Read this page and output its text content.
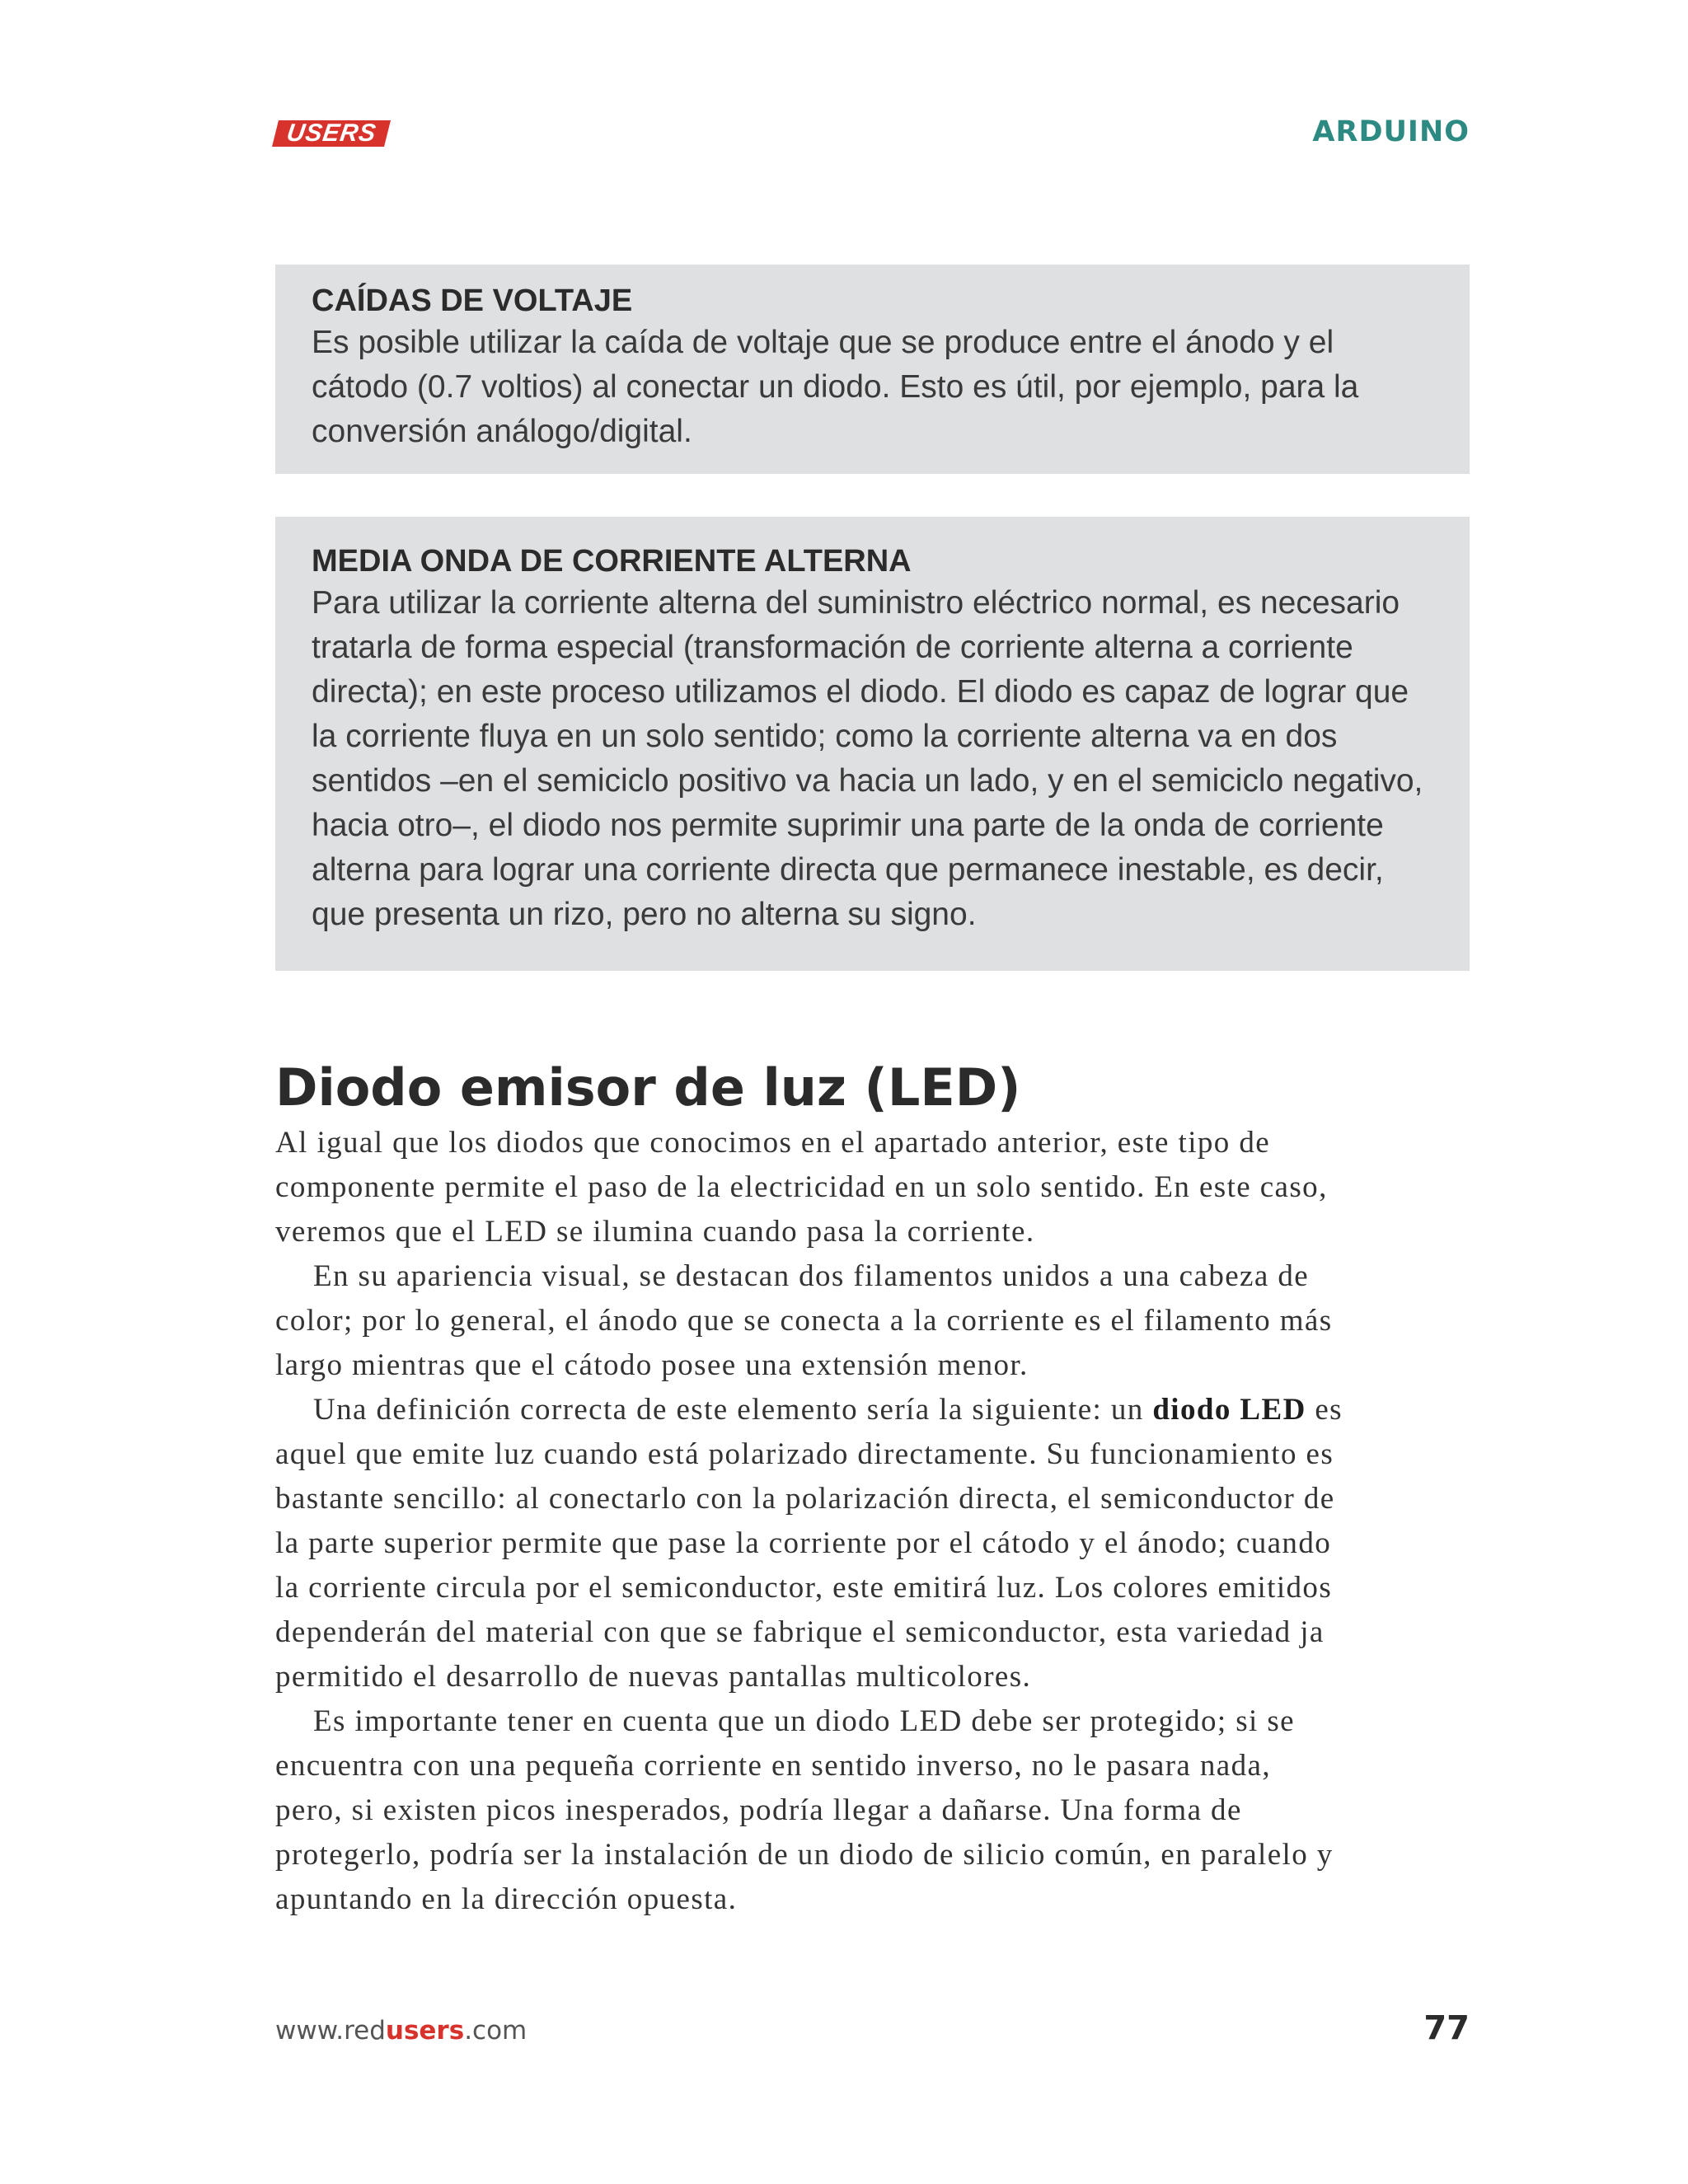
USERS	ARDUINO
CAÍDAS DE VOLTAJE
Es posible utilizar la caída de voltaje que se produce entre el ánodo y el cátodo (0.7 voltios) al conectar un diodo. Esto es útil, por ejemplo, para la conversión análogo/digital.
MEDIA ONDA DE CORRIENTE ALTERNA
Para utilizar la corriente alterna del suministro eléctrico normal, es necesario tratarla de forma especial (transformación de corriente alterna a corriente directa); en este proceso utilizamos el diodo. El diodo es capaz de lograr que la corriente fluya en un solo sentido; como la corriente alterna va en dos sentidos –en el semiciclo positivo va hacia un lado, y en el semiciclo negativo, hacia otro–, el diodo nos permite suprimir una parte de la onda de corriente alterna para lograr una corriente directa que permanece inestable, es decir, que presenta un rizo, pero no alterna su signo.
Diodo emisor de luz (LED)

Al igual que los diodos que conocimos en el apartado anterior, este tipo de componente permite el paso de la electricidad en un solo sentido. En este caso, veremos que el LED se ilumina cuando pasa la corriente.

En su apariencia visual, se destacan dos filamentos unidos a una cabeza de color; por lo general, el ánodo que se conecta a la corriente es el filamento más largo mientras que el cátodo posee una extensión menor.

Una definición correcta de este elemento sería la siguiente: un diodo LED es aquel que emite luz cuando está polarizado directamente. Su funcionamiento es bastante sencillo: al conectarlo con la polarización directa, el semiconductor de la parte superior permite que pase la corriente por el cátodo y el ánodo; cuando la corriente circula por el semiconductor, este emitirá luz. Los colores emitidos dependerán del material con que se fabrique el semiconductor, esta variedad ja permitido el desarrollo de nuevas pantallas multicolores.

Es importante tener en cuenta que un diodo LED debe ser protegido; si se encuentra con una pequeña corriente en sentido inverso, no le pasara nada, pero, si existen picos inesperados, podría llegar a dañarse. Una forma de protegerlo, podría ser la instalación de un diodo de silicio común, en paralelo y apuntando en la dirección opuesta.

www.redusers.com	77
